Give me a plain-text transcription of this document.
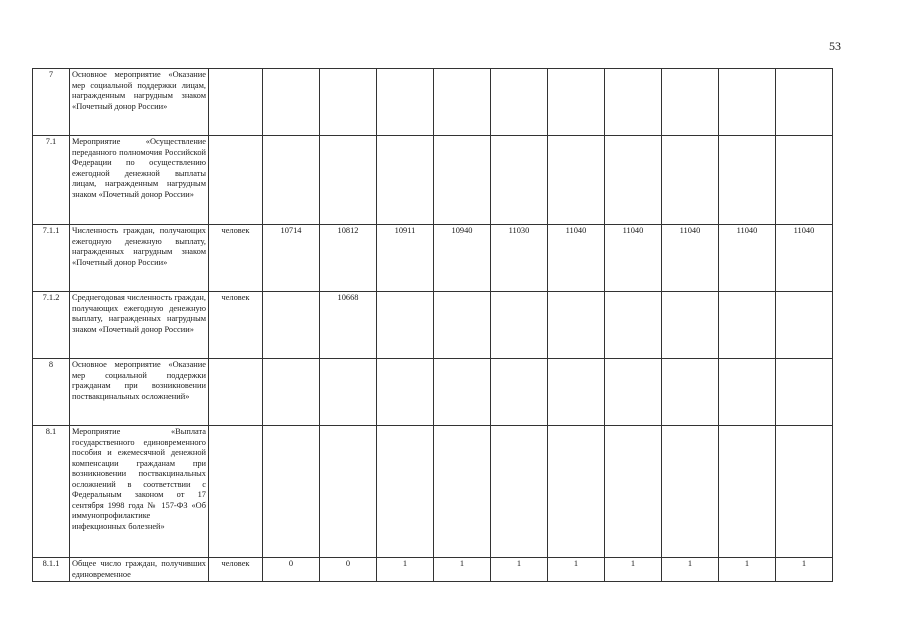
53
7	Основное мероприятие «Оказание мер социальной поддержки лицам, награжденным нагрудным знаком «Почетный донор России»											
7.1	Мероприятие «Осуществление переданного полномочия Российской Федерации по осуществлению ежегодной денежной выплаты лицам, награжденным нагрудным знаком «Почетный донор России»											
7.1.1	Численность граждан, получающих ежегодную денежную выплату, награжденных нагрудным знаком «Почетный донор России»	человек	10714	10812	10911	10940	11030	11040	11040	11040	11040	11040
7.1.2	Среднегодовая численность граждан, получающих ежегодную денежную выплату, награжденных нагрудным знаком «Почетный донор России»	человек		10668								
8	Основное мероприятие «Оказание мер социальной поддержки гражданам при возникновении поствакцинальных осложнений»											
8.1	Мероприятие «Выплата государственного единовременного пособия и ежемесячной денежной компенсации гражданам при возникновении поствакцинальных осложнений в соответствии с Федеральным законом от 17 сентября 1998 года № 157-ФЗ «Об иммунопрофилактике инфекционных болезней»											
8.1.1	Общее число граждан, получивших единовременное	человек	0	0	1	1	1	1	1	1	1	1
